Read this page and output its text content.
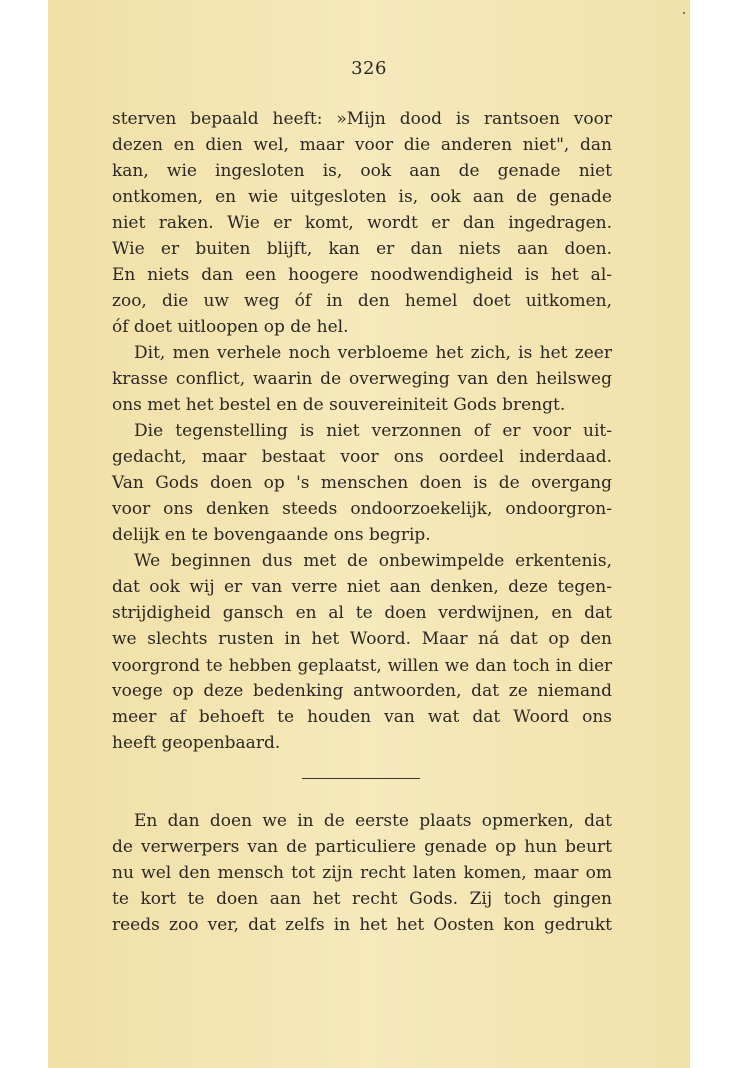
326
sterven bepaald heeft: »Mijn dood is rantsoen voor
dezen en dien wel, maar voor die anderen niet", dan
kan, wie ingesloten is, ook aan de genade niet
ontkomen, en wie uitgesloten is, ook aan de genade
niet raken. Wie er komt, wordt er dan ingedragen.
Wie er buiten blijft, kan er dan niets aan doen.
En niets dan een hoogere noodwendigheid is het al-
zoo, die uw weg óf in den hemel doet uitkomen,
óf doet uitloopen op de hel.
Dit, men verhele noch verbloeme het zich, is het zeer
krasse conflict, waarin de overweging van den heilsweg
ons met het bestel en de souvereiniteit Gods brengt.
Die tegenstelling is niet verzonnen of er voor uit-
gedacht, maar bestaat voor ons oordeel inderdaad.
Van Gods doen op 's menschen doen is de overgang
voor ons denken steeds ondoorzoekelijk, ondoorgron-
delijk en te bovengaande ons begrip.
We beginnen dus met de onbewimpelde erkentenis,
dat ook wij er van verre niet aan denken, deze tegen-
strijdigheid gansch en al te doen verdwijnen, en dat
we slechts rusten in het Woord. Maar ná dat op den
voorgrond te hebben geplaatst, willen we dan toch in dier
voege op deze bedenking antwoorden, dat ze niemand
meer af behoeft te houden van wat dat Woord ons
heeft geopenbaard.
En dan doen we in de eerste plaats opmerken, dat
de verwerpers van de particuliere genade op hun beurt
nu wel den mensch tot zijn recht laten komen, maar om
te kort te doen aan het recht Gods. Zij toch gingen
reeds zoo ver, dat zelfs in het het Oosten kon gedrukt
